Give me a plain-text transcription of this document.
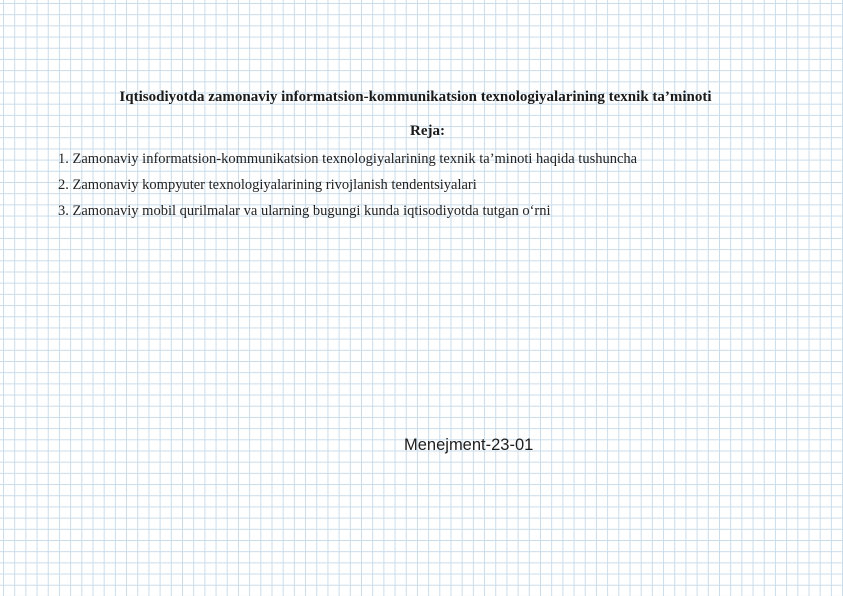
Iqtisodiyotda zamonaviy informatsion-kommunikatsion texnologiyalarining texnik ta’minoti
Reja:
1. Zamonaviy informatsion-kommunikatsion texnologiyalarining texnik ta’minoti haqida tushuncha
2. Zamonaviy kompyuter texnologiyalarining rivojlanish tendentsiyalari
3. Zamonaviy mobil qurilmalar va ularning bugungi kunda iqtisodiyotda tutgan o‘rni
Menejment-23-01
